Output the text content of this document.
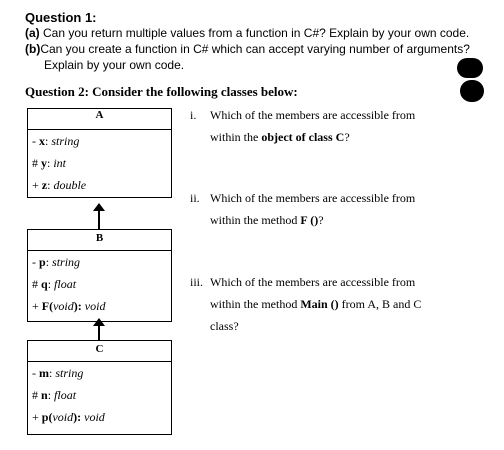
Question 1:
(a) Can you return multiple values from a function in C#? Explain by your own code.
(b)Can you create a function in C# which can accept varying number of arguments?
Explain by your own code.
Question 2: Consider the following classes below:
A
- x: string
# y: int
+ z: double
B
- p: string
# q: float
+ F(void): void
C
- m: string
# n: float
+ p(void): void
i. Which of the members are accessible from
within the object of class C?
ii. Which of the members are accessible from
within the method F ()?
iii. Which of the members are accessible from
within the method Main () from A, B and C
class?
